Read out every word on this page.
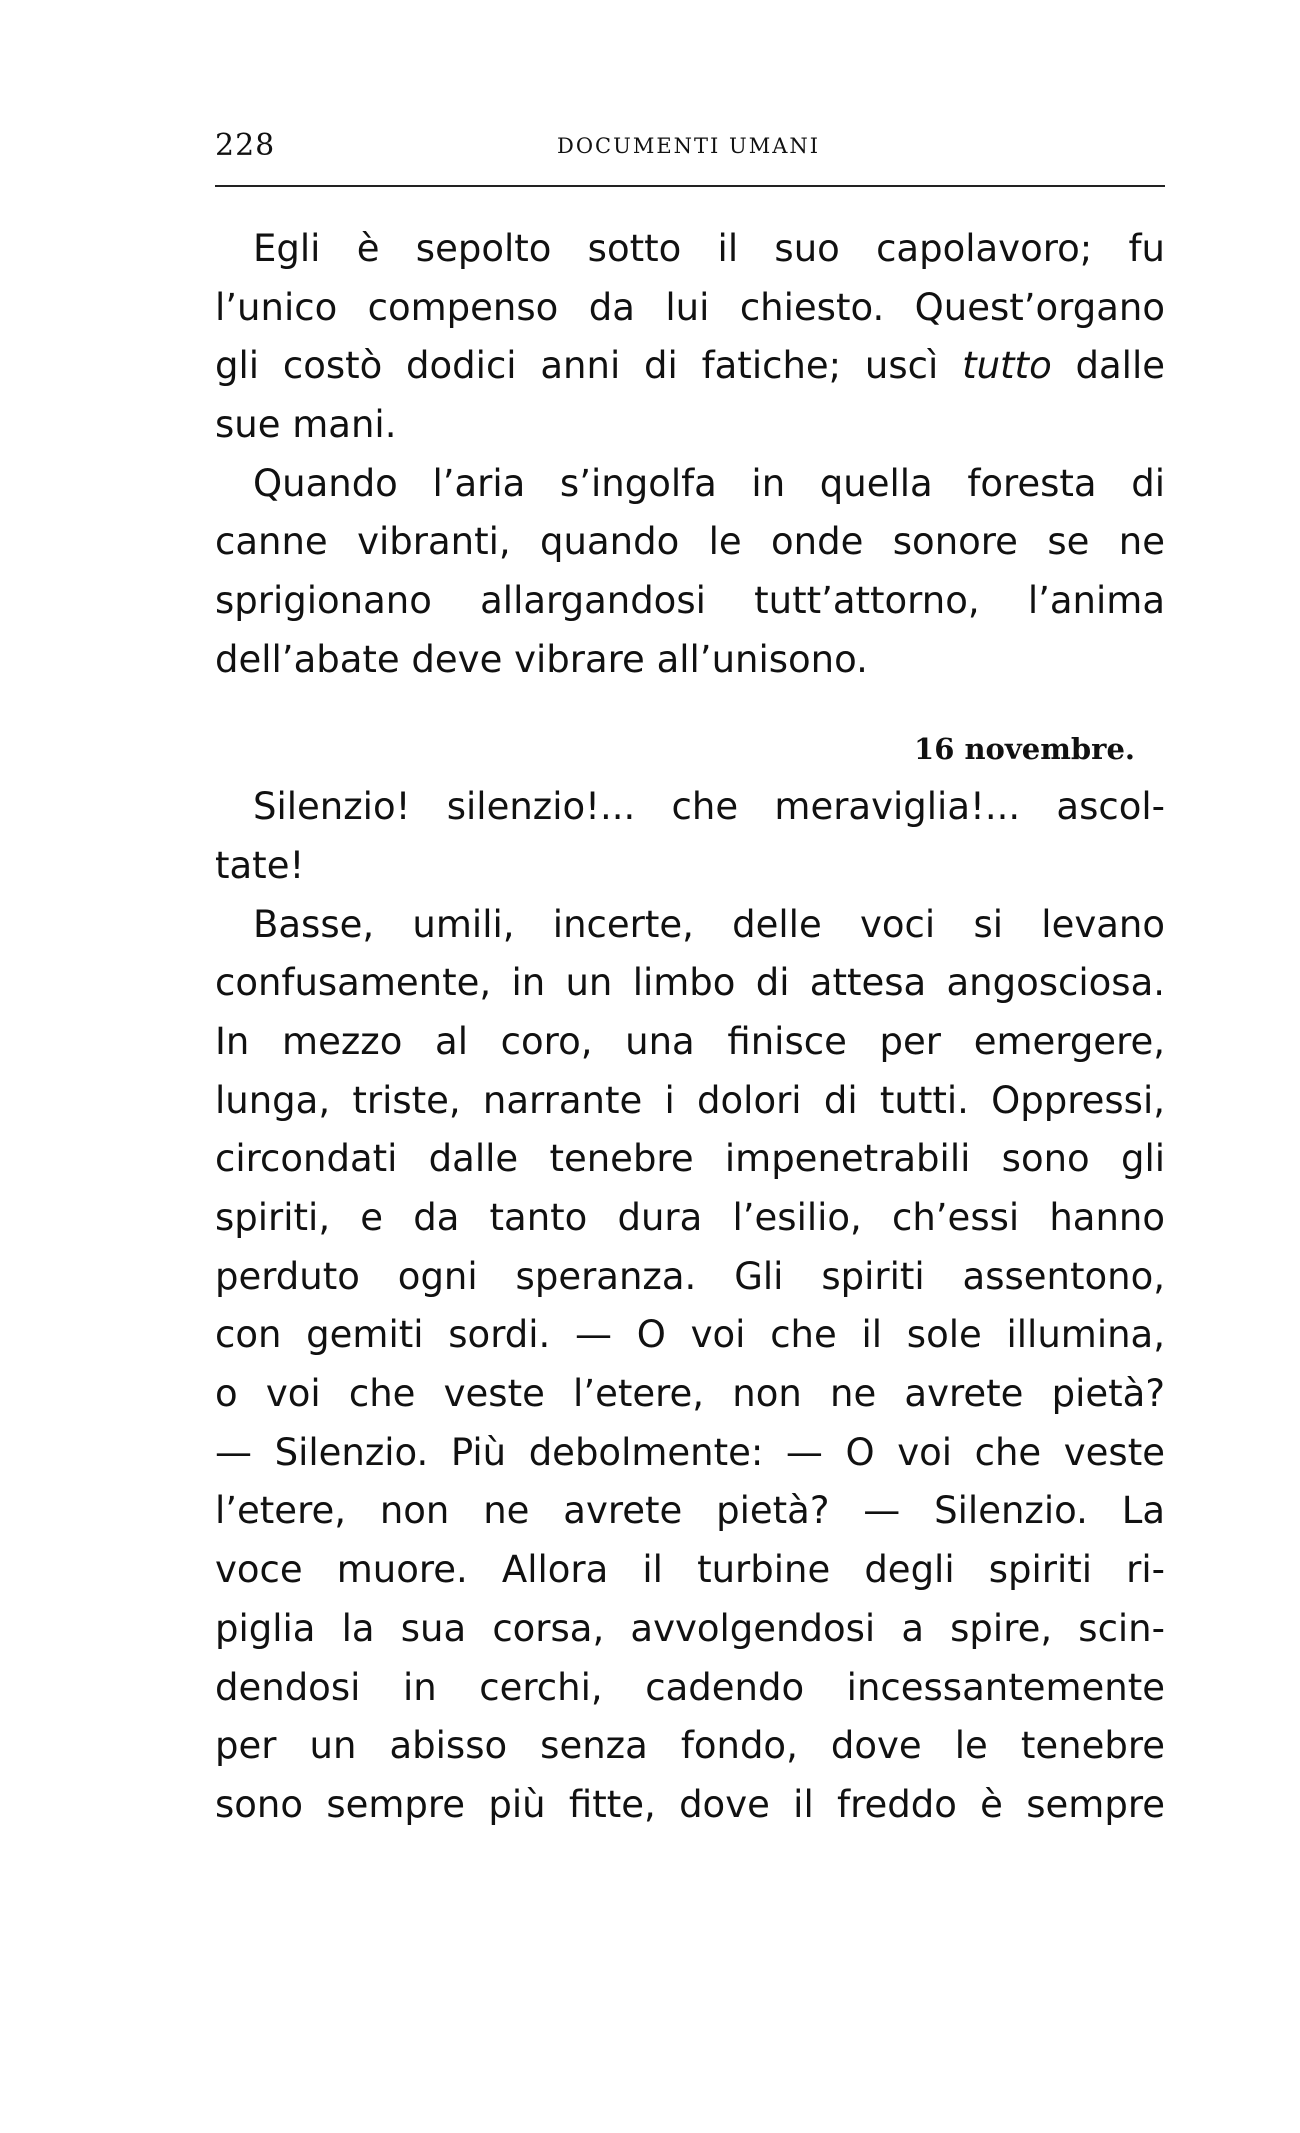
228	DOCUMENTI UMANI
Egli è sepolto sotto il suo capolavoro; fu
l’unico compenso da lui chiesto. Quest’organo
gli costò dodici anni di fatiche; uscì tutto dalle
sue mani.
Quando l’aria s’ingolfa in quella foresta di
canne vibranti, quando le onde sonore se ne
sprigionano allargandosi tutt’attorno, l’anima
dell’abate deve vibrare all’unisono.
16 novembre.
Silenzio! silenzio!... che meraviglia!... ascol-
tate!
Basse, umili, incerte, delle voci si levano
confusamente, in un limbo di attesa angosciosa.
In mezzo al coro, una finisce per emergere,
lunga, triste, narrante i dolori di tutti. Oppressi,
circondati dalle tenebre impenetrabili sono gli
spiriti, e da tanto dura l’esilio, ch’essi hanno
perduto ogni speranza. Gli spiriti assentono,
con gemiti sordi. — O voi che il sole illumina,
o voi che veste l’etere, non ne avrete pietà?
— Silenzio. Più debolmente: — O voi che veste
l’etere, non ne avrete pietà? — Silenzio. La
voce muore. Allora il turbine degli spiriti ri-
piglia la sua corsa, avvolgendosi a spire, scin-
dendosi in cerchi, cadendo incessantemente
per un abisso senza fondo, dove le tenebre
sono sempre più fitte, dove il freddo è sempre
